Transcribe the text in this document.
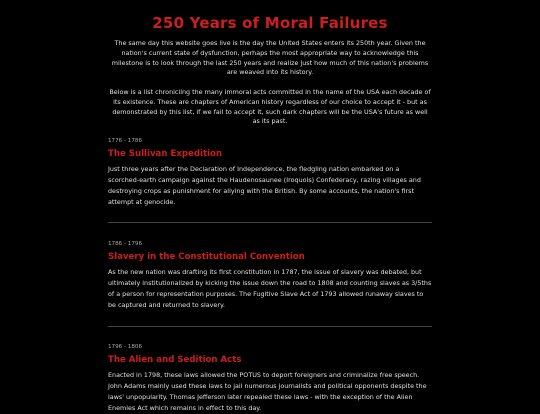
250 Years of Moral Failures

The same day this website goes live is the day the United States enters its 250th year. Given the nation's current state of dysfunction, perhaps the most appropriate way to acknowledge this milestone is to look through the last 250 years and realize just how much of this nation's problems are weaved into its history.

Below is a list chronicling the many immoral acts committed in the name of the USA each decade of its existence. These are chapters of American history regardless of our choice to accept it - but as demonstrated by this list, if we fail to accept it, such dark chapters will be the USA's future as well as its past.

1776 - 1786

The Sullivan Expedition

Just three years after the Declaration of Independence, the fledgling nation embarked on a scorched-earth campaign against the Haudenosaunee (Iroquois) Confederacy, razing villages and destroying crops as punishment for allying with the British. By some accounts, the nation's first attempt at genocide.

1786 - 1796

Slavery in the Constitutional Convention

As the new nation was drafting its first constitution in 1787, the issue of slavery was debated, but ultimately institutionalized by kicking the issue down the road to 1808 and counting slaves as 3/5ths of a person for representation purposes. The Fugitive Slave Act of 1793 allowed runaway slaves to be captured and returned to slavery.

1796 - 1806

The Alien and Sedition Acts

Enacted in 1798, these laws allowed the POTUS to deport foreigners and criminalize free speech. John Adams mainly used these laws to jail numerous journalists and political opponents despite the laws' unpopularity. Thomas Jefferson later repealed these laws - with the exception of the Alien Enemies Act which remains in effect to this day.
